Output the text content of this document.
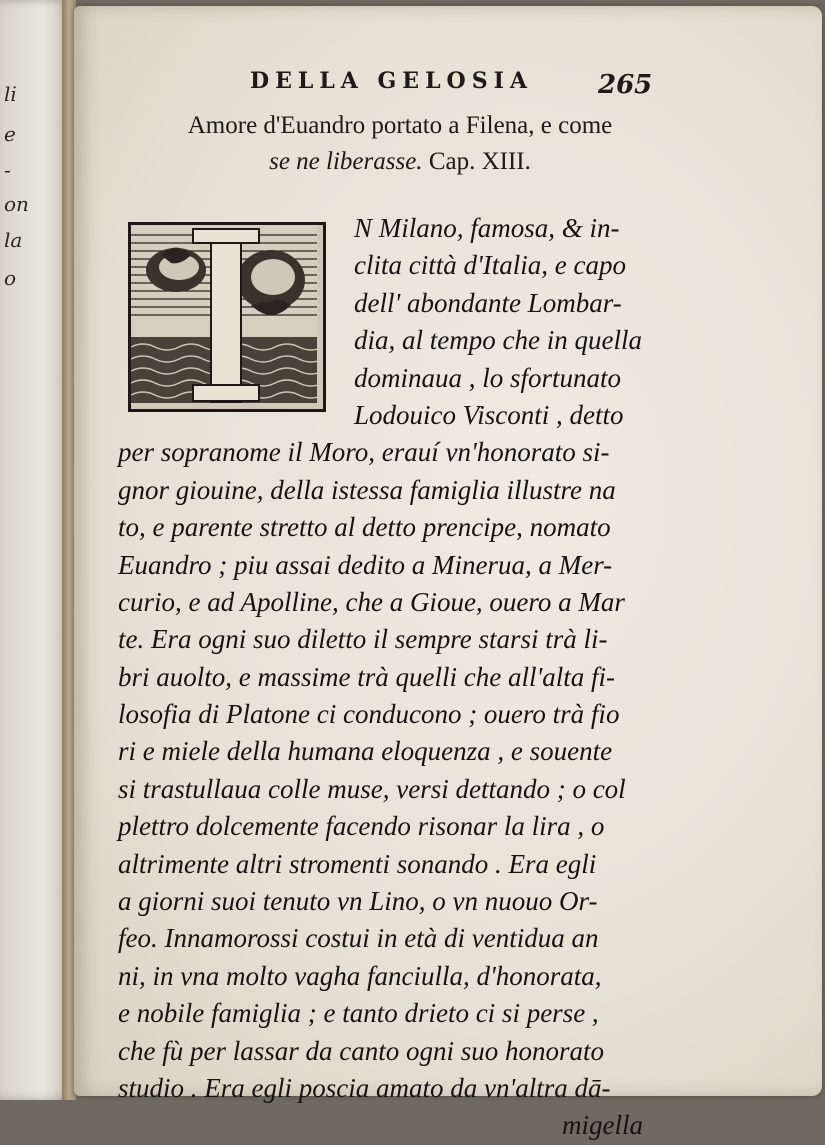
li
e
-
on
la
o
DELLA GELOSIA	265
Amore d'Euandro portato a Filena, e come
se ne liberasse. Cap. XIII.
N Milano, famosa, & in-
clita città d'Italia, e capo
dell' abondante Lombar-
dia, al tempo che in quella
dominaua , lo sfortunato
Lodouico Visconti , detto
per sopranome il Moro, erauí vn'honorato si-
gnor giouine, della istessa famiglia illustre na
to, e parente stretto al detto prencipe, nomato
Euandro ; piu assai dedito a Minerua, a Mer-
curio, e ad Apolline, che a Gioue, ouero a Mar
te. Era ogni suo diletto il sempre starsi trà li-
bri auolto, e massime trà quelli che all'alta fi-
losofia di Platone ci conducono ; ouero trà fio
ri e miele della humana eloquenza , e souente
si trastullaua colle muse, versi dettando ; o col
plettro dolcemente facendo risonar la lira , o
altrimente altri stromenti sonando . Era egli
a giorni suoi tenuto vn Lino, o vn nuouo Or-
feo. Innamorossi costui in età di ventidua an
ni, in vna molto vagha fanciulla, d'honorata,
e nobile famiglia ; e tanto drieto ci si perse ,
che fù per lassar da canto ogni suo honorato
studio . Era egli poscia amato da vn'altra dā-
migella
